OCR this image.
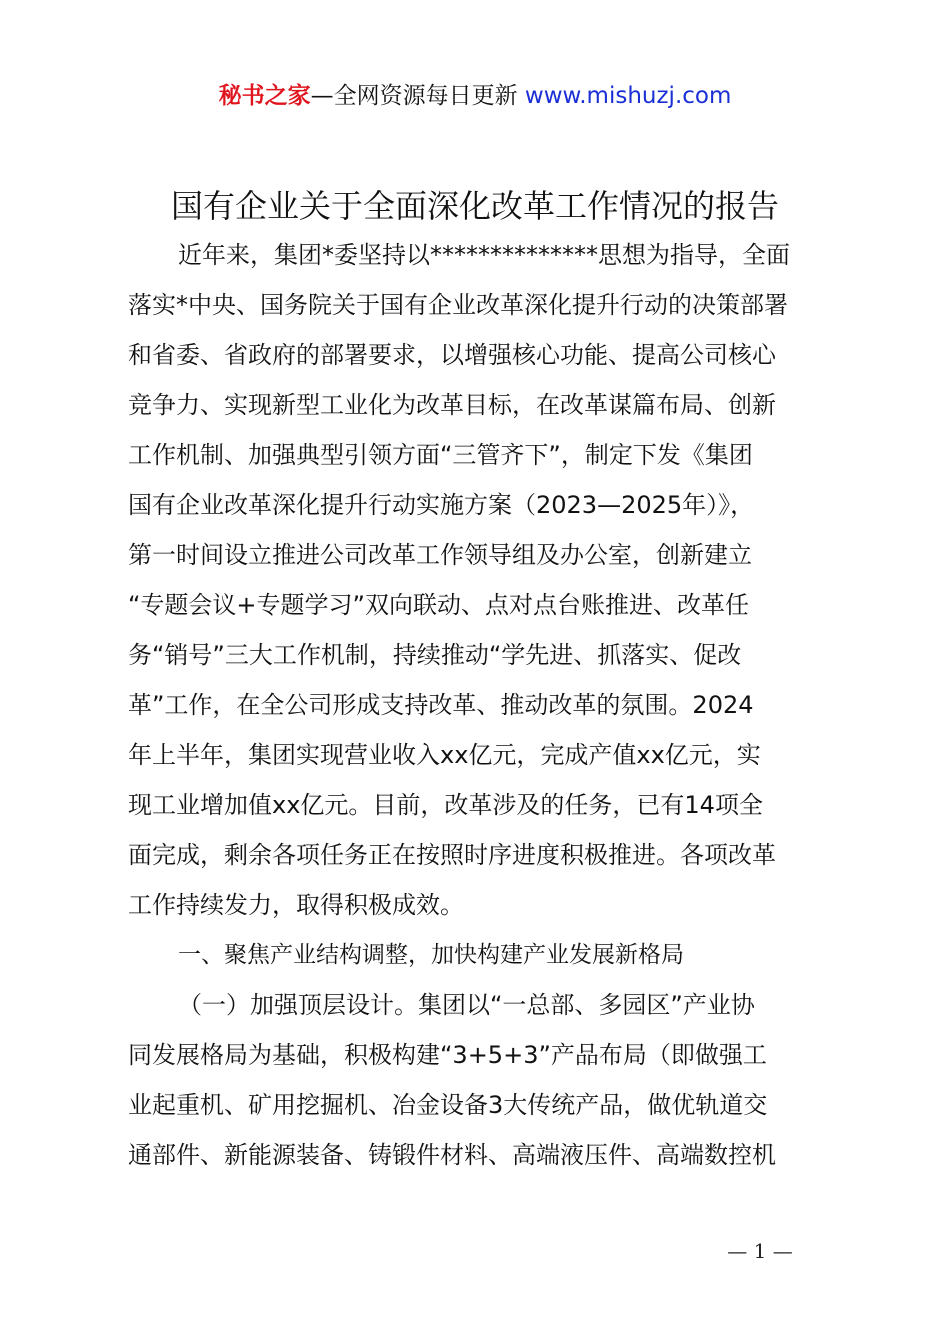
秘书之家—全网资源每日更新 www.mishuzj.com
国有企业关于全面深化改革工作情况的报告
近年来，集团*委坚持以**************思想为指导，全面
落实*中央、国务院关于国有企业改革深化提升行动的决策部署
和省委、省政府的部署要求，以增强核心功能、提高公司核心
竞争力、实现新型工业化为改革目标，在改革谋篇布局、创新
工作机制、加强典型引领方面“三管齐下”，制定下发《集团
国有企业改革深化提升行动实施方案（2023—2025年）》，
第一时间设立推进公司改革工作领导组及办公室，创新建立
“专题会议+专题学习”双向联动、点对点台账推进、改革任
务“销号”三大工作机制，持续推动“学先进、抓落实、促改
革”工作，在全公司形成支持改革、推动改革的氛围。2024
年上半年，集团实现营业收入xx亿元，完成产值xx亿元，实
现工业增加值xx亿元。目前，改革涉及的任务，已有14项全
面完成，剩余各项任务正在按照时序进度积极推进。各项改革
工作持续发力，取得积极成效。
一、聚焦产业结构调整，加快构建产业发展新格局
（一）加强顶层设计。集团以“一总部、多园区”产业协
同发展格局为基础，积极构建“3+5+3”产品布局（即做强工
业起重机、矿用挖掘机、冶金设备3大传统产品，做优轨道交
通部件、新能源装备、铸锻件材料、高端液压件、高端数控机
— 1 —
